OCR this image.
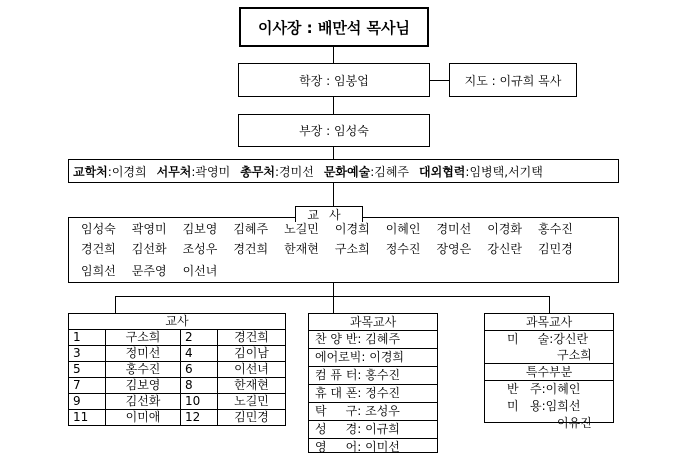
이사장 : 배만석 목사님
학장 : 임봉업	지도 : 이규희 목사
부장 : 임성숙
교학처 :이경희 서무처 :곽영미 총무처 :경미선 문화예술 :김혜주 대외협력 :임병택,서기택
임성숙 곽영미 김보영 김혜주 노길민 이경희 이혜인 경미선 이경화 홍수진
경건희 김선화 조성우 경건희 한재현 구소희 정수진 장영은 강신란 김민경
임희선 문주영 이선녀
교사
교사			
1	구소희	2	경건희
3	정미선	4	김이남
5	홍수진	6	이선녀
7	김보영	8	한재현
9	김선화	10	노길민
11	이미애	12	김민경
과목교사
찬 양 반: 김혜주
에어로빅: 이경희
컴 퓨 터: 홍수진
휴 대 폰: 정수진
탁     구: 조성우
성     경: 이규희
영     어: 이미선
과목교사
미     술:강신란
구소희
특수부분
반   주:이혜인
미   용:임희선
이유진
